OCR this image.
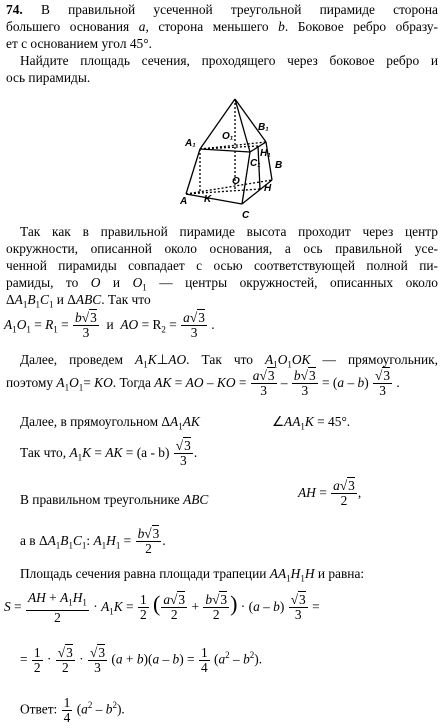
74. В правильной усеченной треугольной пирамиде сторона
большего основания a, сторона меньшего b. Боковое ребро образу-
ет с основанием угол 45°.
Найдите площадь сечения, проходящего через боковое ребро и
ось пирамиды.
A₁
O₁
B₁
H₁
C₁ B
O
H
A K
C
Так как в правильной пирамиде высота проходит через центр
окружности, описанной около основания, а ось правильной усе-
ченной пирамиды совпадает с осью соответствующей полной пи-
рамиды, то O и $O_1$ — центры окружностей, описанных около
$\Delta A_1B_1C_1$ и ΔABC. Так что
$A_1O_1 = R_1 = \frac{b√3}{3}$ и  AO = $R_2 = \frac{a√3}{3}$ .
Далее, проведем $A_1K\perp AO$. Так что $A_1O_1OK$ — прямоугольник,
поэтому $A_1O_1=$ KO. Тогда AK = AO – KO = $\frac{a√3}{3} - \frac{b√3}{3} = (a - b) \frac{√3}{3}$ .
Далее, в прямоугольном $\Delta A_1AK$	$\angle AA_1K = 45^\circ$.
Так что, $A_1K$ = AK = $(a - b) \frac{√3}{3}$ .
В правильном треугольнике ABC	AH = $\frac{a√3}{2}$ ,
а в $\Delta A_1B_1C_1$: $A_1H_1 = \frac{b√3}{2}$ .
Площадь сечения равна площади трапеции $AA_1H_1H$ и равна:
$S = \frac{AH + A_1H_1}{2} \cdot A_1K = \frac{1}{2}$ ( $\frac{a√3}{2} + \frac{b√3}{2}$ ) · $(a - b) \frac{√3}{3}$ =
= $\frac{1}{2} \cdot \frac{√3}{2} \cdot \frac{√3}{3} (a + b)(a - b) = \frac{1}{4} (a^2 - b^2)$.
Ответ: $\frac{1}{4} (a^2 - b^2)$.
